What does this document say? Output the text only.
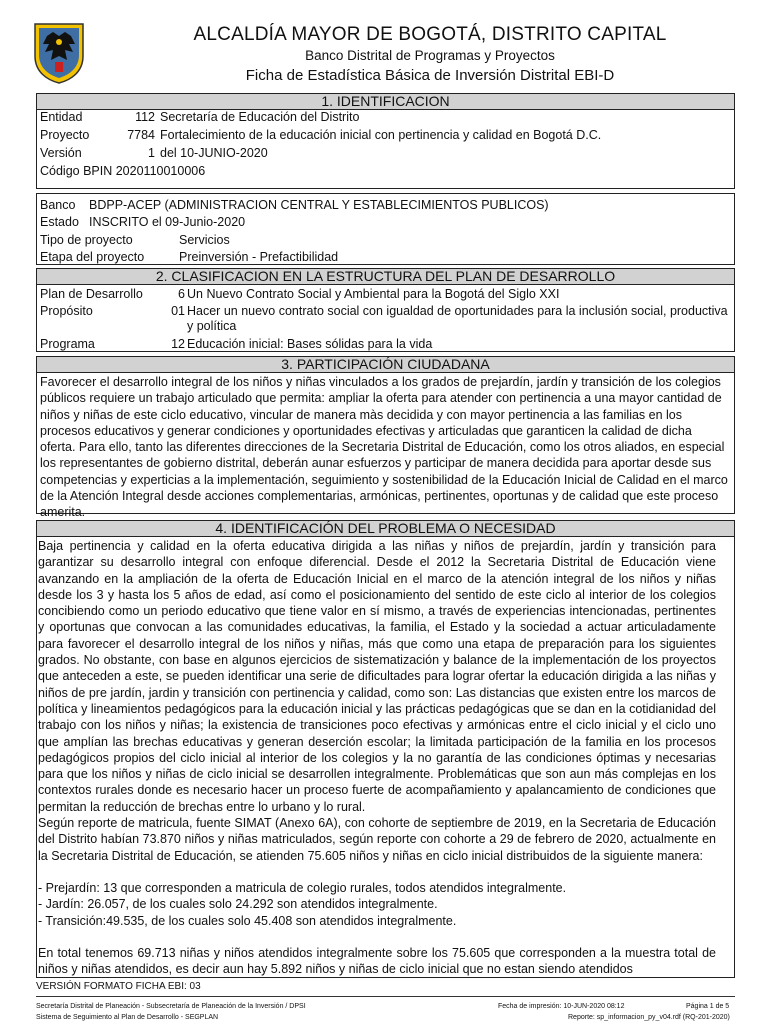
ALCALDÍA MAYOR DE BOGOTÁ, DISTRITO CAPITAL
Banco Distrital de Programas y Proyectos
Ficha de Estadística Básica de Inversión Distrital EBI-D
1. IDENTIFICACION
Entidad	112 Secretaría de Educación del Distrito
Proyecto	7784 Fortalecimiento de la educación inicial con pertinencia y calidad en Bogotá D.C.
Versión	1 del 10-JUNIO-2020
Código BPIN 2020110010006
Banco BDPP-ACEP (ADMINISTRACION CENTRAL Y ESTABLECIMIENTOS PUBLICOS)
Estado INSCRITO el 09-Junio-2020
Tipo de proyecto	Servicios
Etapa del proyecto	Preinversión - Prefactibilidad
2. CLASIFICACION EN LA ESTRUCTURA DEL PLAN DE DESARROLLO
Plan de Desarrollo	6 Un Nuevo Contrato Social y Ambiental para la Bogotá del Siglo XXI
Propósito	01 Hacer un nuevo contrato social con igualdad de oportunidades para la inclusión social, productiva
y política
Programa	12 Educación inicial: Bases sólidas para la vida
3. PARTICIPACIÓN CIUDADANA

Favorecer el desarrollo integral de los niños y niñas vinculados a los grados de prejardín, jardín y transición de los colegios públicos requiere un trabajo articulado que permita: ampliar la oferta para atender con pertinencia a una mayor cantidad de niños y niñas de este ciclo educativo, vincular de manera màs decidida y con mayor pertinencia a las familias en los procesos educativos y generar condiciones y oportunidades efectivas y articuladas que garanticen la calidad de dicha oferta. Para ello, tanto las diferentes direcciones de la Secretaria Distrital de Educación, como los otros aliados, en especial los representantes de gobierno distrital, deberán aunar esfuerzos y participar de manera decidida para aportar desde sus competencias y experticias a la implementación, seguimiento y sostenibilidad de la Educación Inicial de Calidad en el marco de la Atención Integral desde acciones complementarias, armónicas, pertinentes, oportunas y de calidad que este proceso amerita.

4. IDENTIFICACIÓN DEL PROBLEMA O NECESIDAD

Baja pertinencia y calidad en la oferta educativa dirigida a las niñas y niños de prejardín, jardín y transición para garantizar su desarrollo integral con enfoque diferencial. Desde el 2012 la Secretaria Distrital de Educación viene avanzando en la ampliación de la oferta de Educación Inicial en el marco de la atención integral de los niños y niñas desde los 3 y hasta los 5 años de edad, así como el posicionamiento del sentido de este ciclo al interior de los colegios concibiendo como un periodo educativo que tiene valor en sí mismo, a través de experiencias intencionadas, pertinentes y oportunas que convocan a las comunidades educativas, la familia, el Estado y la sociedad a actuar articuladamente para favorecer el desarrollo integral de los niños y niñas, más que como una etapa de preparación para los siguientes grados. No obstante, con base en algunos ejercicios de sistematización y balance de la implementación de los proyectos que anteceden a este, se pueden identificar una serie de dificultades para lograr ofertar la educación dirigida a las niñas y niños de pre jardín, jardin y transición con pertinencia y calidad, como son: Las distancias que existen entre los marcos de política y lineamientos pedagógicos para la educación inicial y las prácticas pedagógicas que se dan en la cotidianidad del trabajo con los niños y niñas; la existencia de transiciones poco efectivas y armónicas entre el ciclo inicial y el ciclo uno que amplían las brechas educativas y generan deserción escolar; la limitada participación de la familia en los procesos pedagógicos propios del ciclo inicial al interior de los colegios y la no garantía de las condiciones óptimas y necesarias para que los niños y niñas de ciclo inicial se desarrollen integralmente. Problemáticas que son aun más complejas en los contextos rurales donde es necesario hacer un proceso fuerte de acompañamiento y apalancamiento de condiciones que permitan la reducción de brechas entre lo urbano y lo rural.

Según reporte de matricula, fuente SIMAT (Anexo 6A), con cohorte de septiembre de 2019, en la Secretaria de Educación del Distrito habían 73.870 niños y niñas matriculados, según reporte con cohorte a 29 de febrero de 2020, actualmente en la Secretaria Distrital de Educación, se atienden 75.605 niños y niñas en ciclo inicial distribuidos de la siguiente manera:

- Prejardín: 13 que corresponden a matricula de colegio rurales, todos atendidos integralmente.

- Jardín: 26.057, de los cuales solo 24.292 son atendidos integralmente.

- Transición:49.535, de los cuales solo 45.408 son atendidos integralmente.

En total tenemos 69.713 niñas y niños atendidos integralmente sobre los 75.605 que corresponden a la muestra total de niños y niñas atendidos, es decir aun hay 5.892 niños y niñas de ciclo inicial que no estan siendo atendidos

VERSIÓN FORMATO FICHA EBI: 03
Secretaría Distrital de Planeación - Subsecretaría de Planeación de la Inversión / DPSI
Sistema de Seguimiento al Plan de Desarrollo - SEGPLAN
Fecha de impresión: 10-JUN-2020 08:12	Página 1 de 5
Reporte: sp_informacion_py_v04.rdf (RQ-201-2020)
